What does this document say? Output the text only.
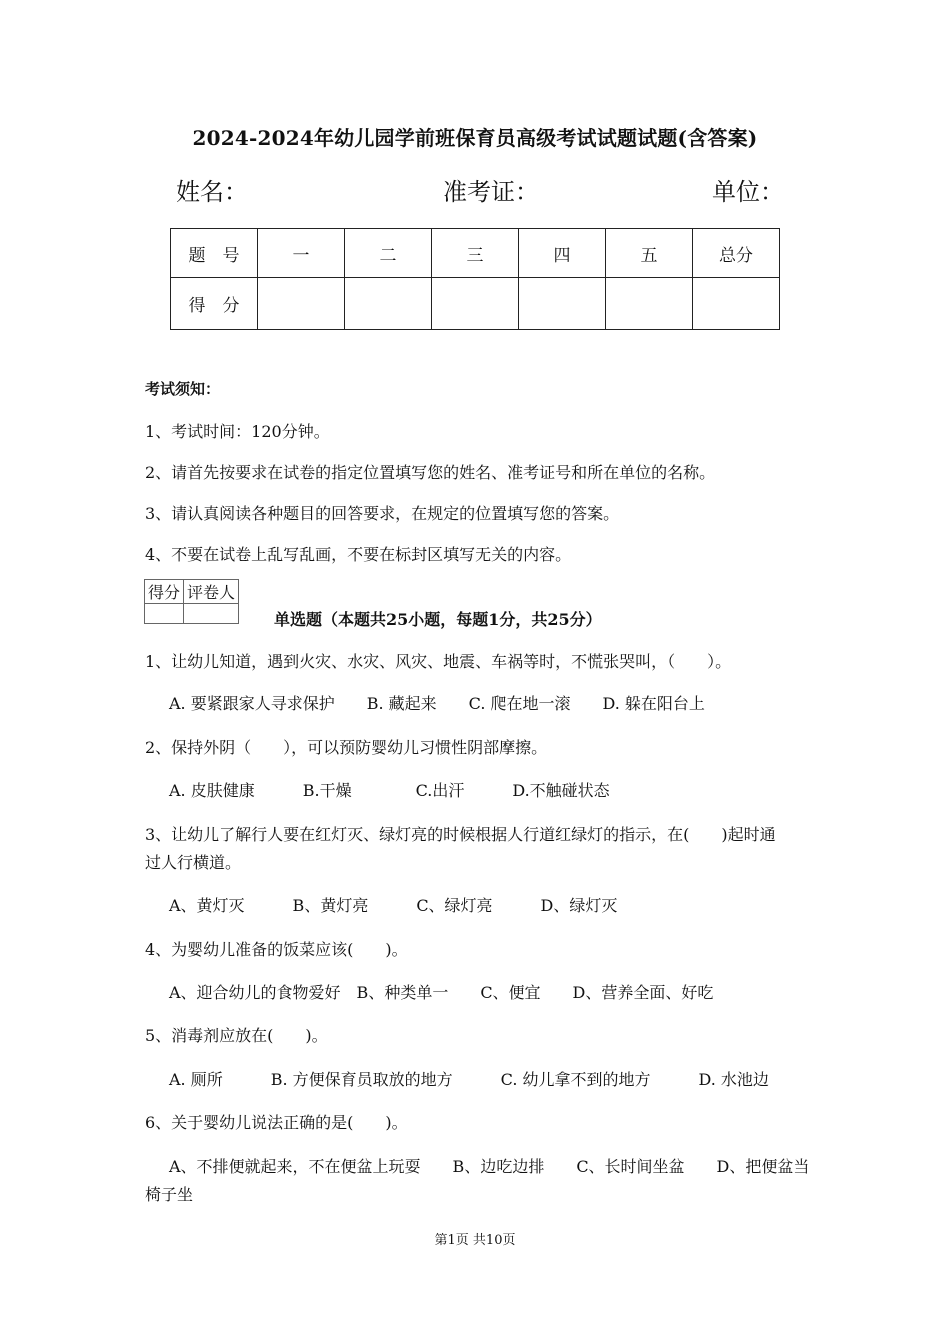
2024-2024年幼儿园学前班保育员高级考试试题试题(含答案)
姓名：	准考证：	单位：
题　号	一	二	三	四	五	总分
得　分						
考试须知：
1、考试时间：120分钟。
2、请首先按要求在试卷的指定位置填写您的姓名、准考证号和所在单位的名称。
3、请认真阅读各种题目的回答要求，在规定的位置填写您的答案。
4、不要在试卷上乱写乱画，不要在标封区填写无关的内容。
得分	评卷人

单选题（本题共25小题，每题1分，共25分）
1、让幼儿知道，遇到火灾、水灾、风灾、地震、车祸等时，不慌张哭叫，（　　）。
A. 要紧跟家人寻求保护　　B. 藏起来　　C. 爬在地一滚　　D. 躲在阳台上
2、保持外阴（　　），可以预防婴幼儿习惯性阴部摩擦。
A. 皮肤健康　　　B.干燥　　　　C.出汗　　　D.不触碰状态
3、让幼儿了解行人要在红灯灭、绿灯亮的时候根据人行道红绿灯的指示，在(　　)起时通
过人行横道。
A、黄灯灭　　　B、黄灯亮　　　C、绿灯亮　　　D、绿灯灭
4、为婴幼儿准备的饭菜应该(　　)。
A、迎合幼儿的食物爱好　B、种类单一　　C、便宜　　D、营养全面、好吃
5、消毒剂应放在(　　)。
A. 厕所　　　B. 方便保育员取放的地方　　　C. 幼儿拿不到的地方　　　D. 水池边
6、关于婴幼儿说法正确的是(　　)。
A、不排便就起来，不在便盆上玩耍　　B、边吃边排　　C、长时间坐盆　　D、把便盆当
椅子坐
第1页 共10页
